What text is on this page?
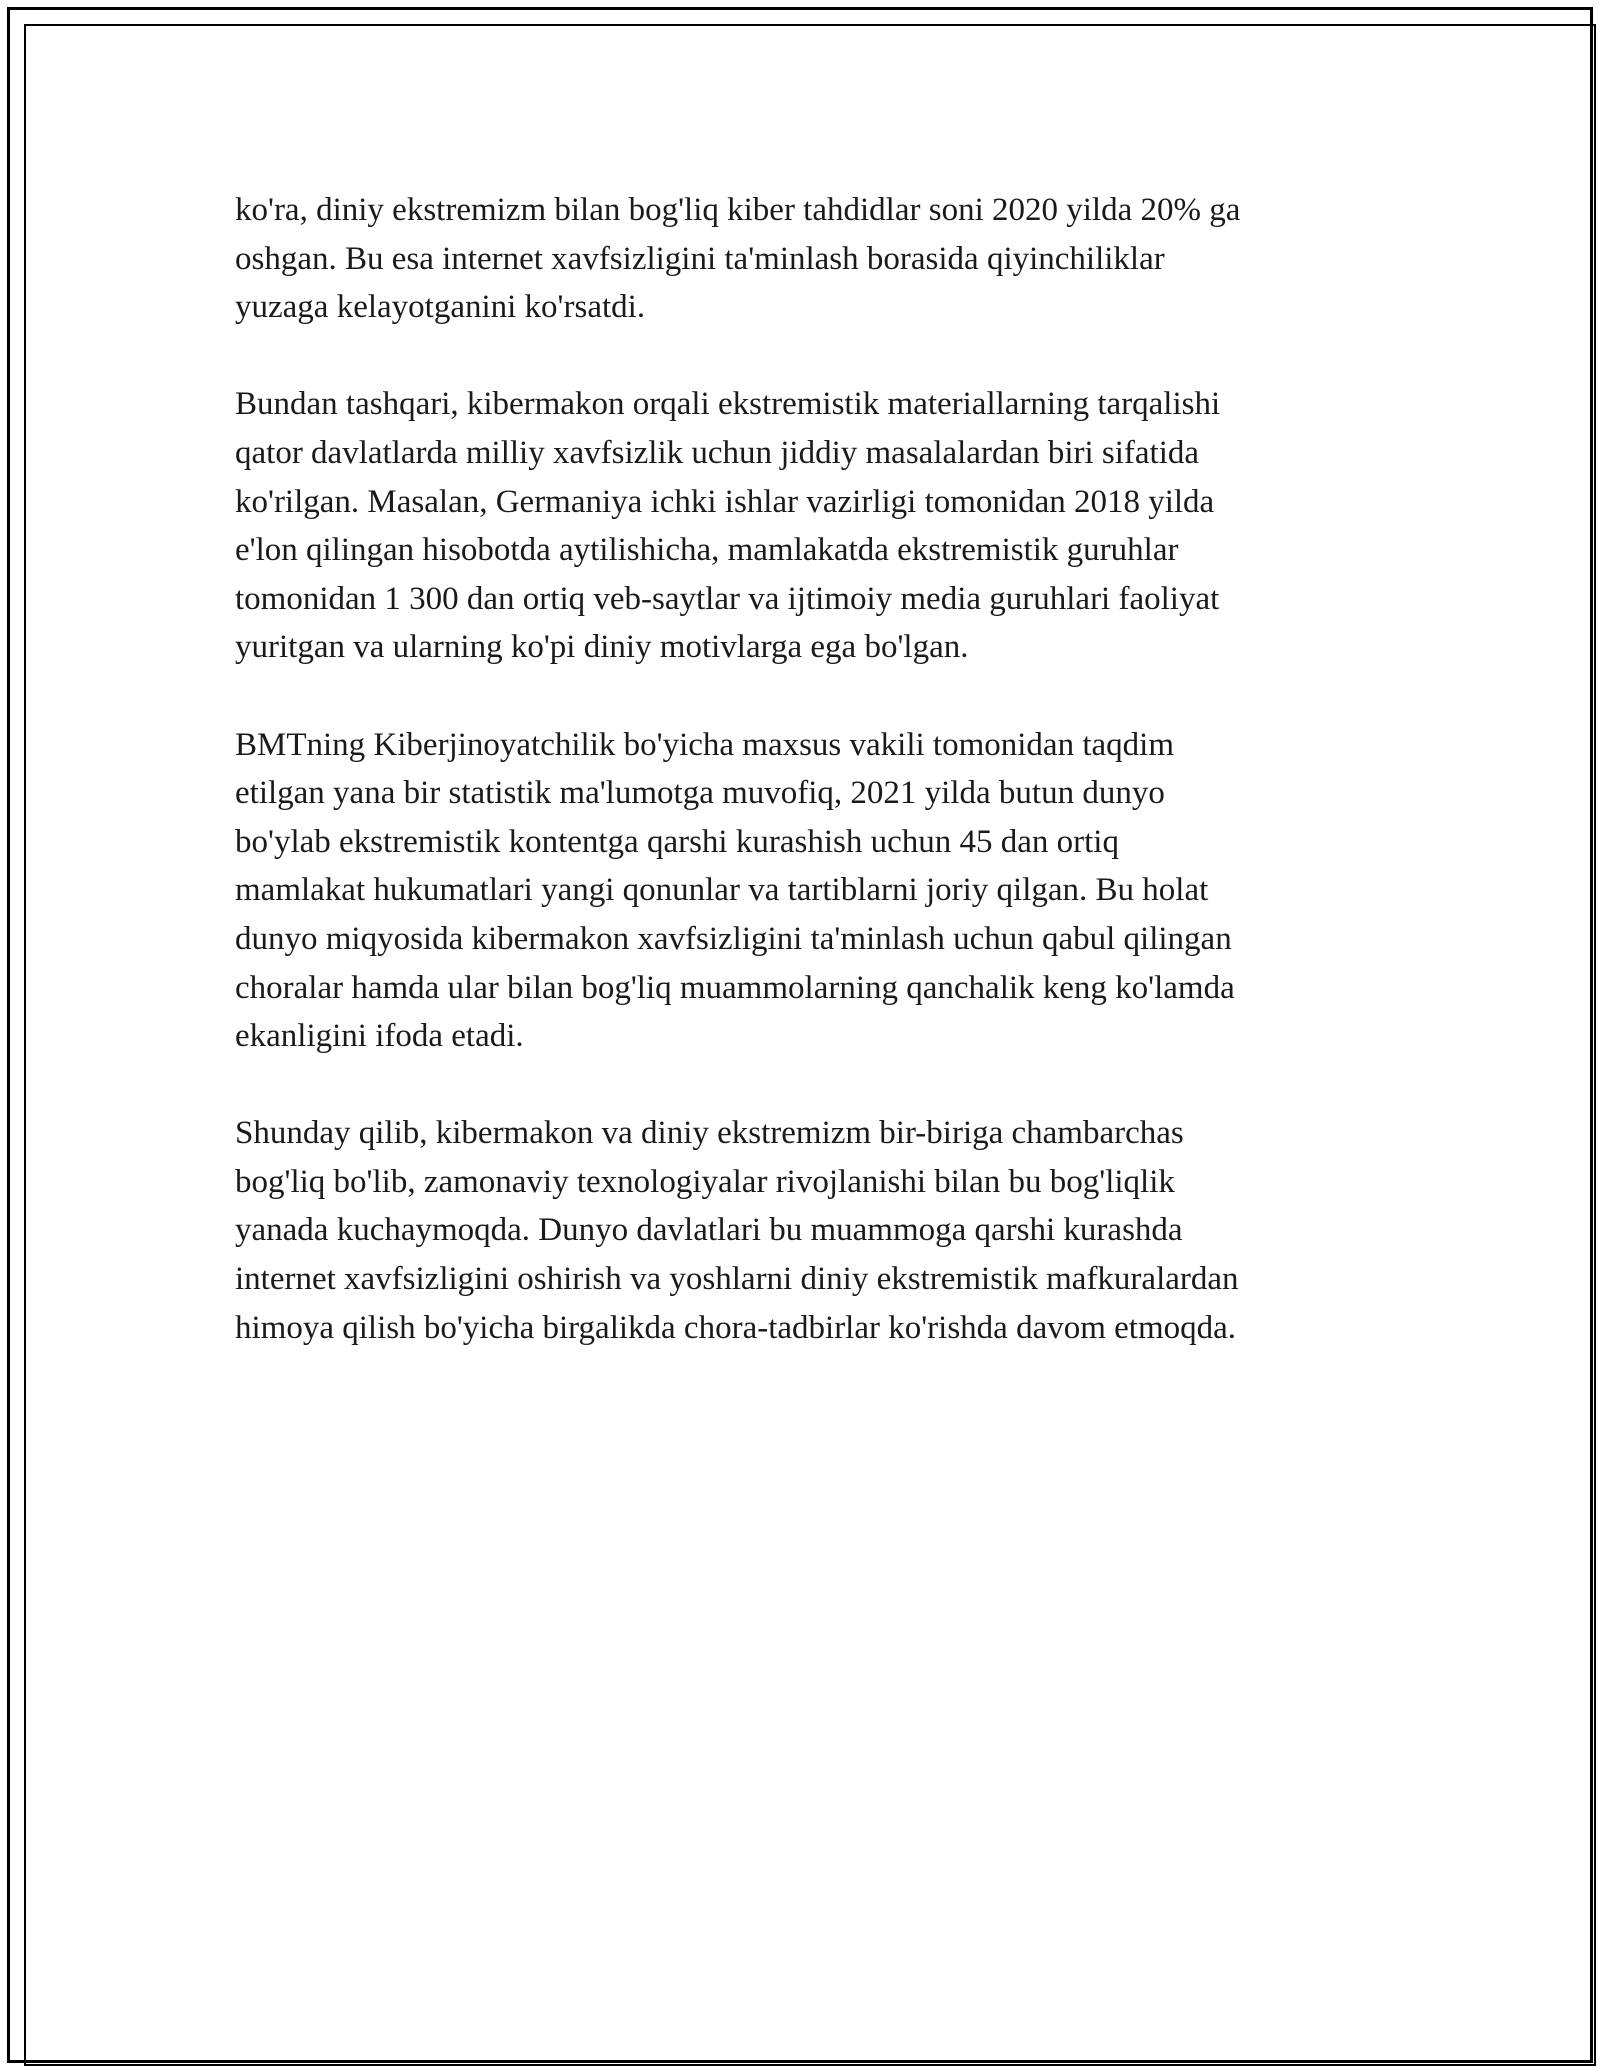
ko'ra, diniy ekstremizm bilan bog'liq kiber tahdidlar soni 2020 yilda 20% ga
oshgan. Bu esa internet xavfsizligini ta'minlash borasida qiyinchiliklar
yuzaga kelayotganini ko'rsatdi.

Bundan tashqari, kibermakon orqali ekstremistik materiallarning tarqalishi
qator davlatlarda milliy xavfsizlik uchun jiddiy masalalardan biri sifatida
ko'rilgan. Masalan, Germaniya ichki ishlar vazirligi tomonidan 2018 yilda
e'lon qilingan hisobotda aytilishicha, mamlakatda ekstremistik guruhlar
tomonidan 1 300 dan ortiq veb-saytlar va ijtimoiy media guruhlari faoliyat
yuritgan va ularning ko'pi diniy motivlarga ega bo'lgan.

BMTning Kiberjinoyatchilik bo'yicha maxsus vakili tomonidan taqdim
etilgan yana bir statistik ma'lumotga muvofiq, 2021 yilda butun dunyo
bo'ylab ekstremistik kontentga qarshi kurashish uchun 45 dan ortiq
mamlakat hukumatlari yangi qonunlar va tartiblarni joriy qilgan. Bu holat
dunyo miqyosida kibermakon xavfsizligini ta'minlash uchun qabul qilingan
choralar hamda ular bilan bog'liq muammolarning qanchalik keng ko'lamda
ekanligini ifoda etadi.

Shunday qilib, kibermakon va diniy ekstremizm bir-biriga chambarchas
bog'liq bo'lib, zamonaviy texnologiyalar rivojlanishi bilan bu bog'liqlik
yanada kuchaymoqda. Dunyo davlatlari bu muammoga qarshi kurashda
internet xavfsizligini oshirish va yoshlarni diniy ekstremistik mafkuralardan
himoya qilish bo'yicha birgalikda chora-tadbirlar ko'rishda davom etmoqda.
